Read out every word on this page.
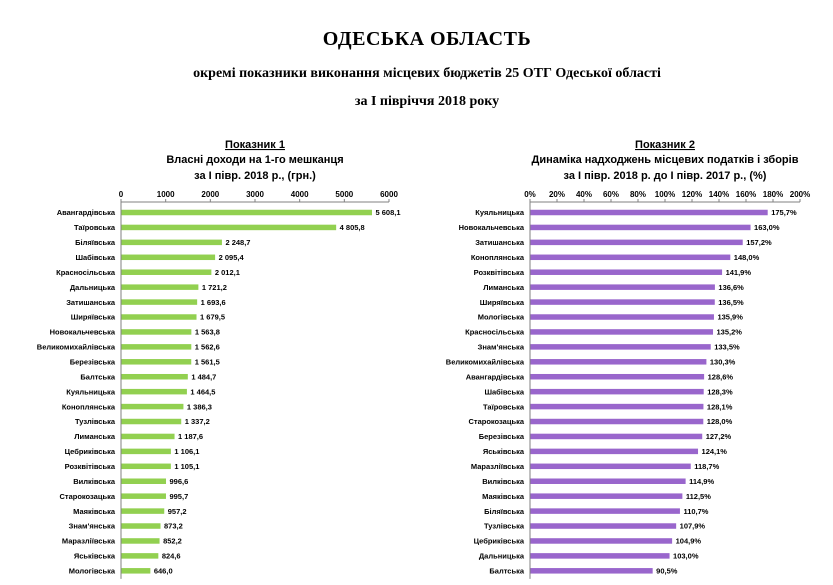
ОДЕСЬКА ОБЛАСТЬ
окремі показники виконання місцевих бюджетів 25 ОТГ Одеської області
за І півріччя 2018 року
Показник 1
Власні доходи на 1-го мешканця
за І півр. 2018 р., (грн.)
0	1000	2000	3000	4000	5000	6000
Авангардівська	5 608,1
Таїровська	4 805,8
Біляївська	2 248,7
Шабівська	2 095,4
Красносільська	2 012,1
Дальницька	1 721,2
Затишанська	1 693,6
Ширяївська	1 679,5
Новокальчевська	1 563,8
Великомихайлівська	1 562,6
Березівська	1 561,5
Балтська	1 484,7
Куяльницька	1 464,5
Коноплянська	1 386,3
Тузлівська	1 337,2
Лиманська	1 187,6
Цебриківська	1 106,1
Розквітівська	1 105,1
Вилківська	996,6
Старокозацька	995,7
Маяківська	957,2
Знам'янська	873,2
Маразліївська	852,2
Яськівська	824,6
Мологівська	646,0
Показник 2
Динаміка надходжень місцевих податків і зборів
за І півр. 2018 р. до І півр. 2017 р., (%)
0% 20% 40% 60% 80% 100% 120% 140% 160% 180% 200%
Куяльницька	175,7%
Новокальчевська	163,0%
Затишанська	157,2%
Коноплянська	148,0%
Розквітівська	141,9%
Лиманська	136,6%
Ширяївська	136,5%
Мологівська	135,9%
Красносільська	135,2%
Знам'янська	133,5%
Великомихайлівська	130,3%
Авангардівська	128,6%
Шабівська	128,3%
Таїровська	128,1%
Старокозацька	128,0%
Березівська	127,2%
Яськівська	124,1%
Маразліївська	118,7%
Вилківська	114,9%
Маяківська	112,5%
Біляївська	110,7%
Тузлівська	107,9%
Цебриківська	104,9%
Дальницька	103,0%
Балтська	90,5%
